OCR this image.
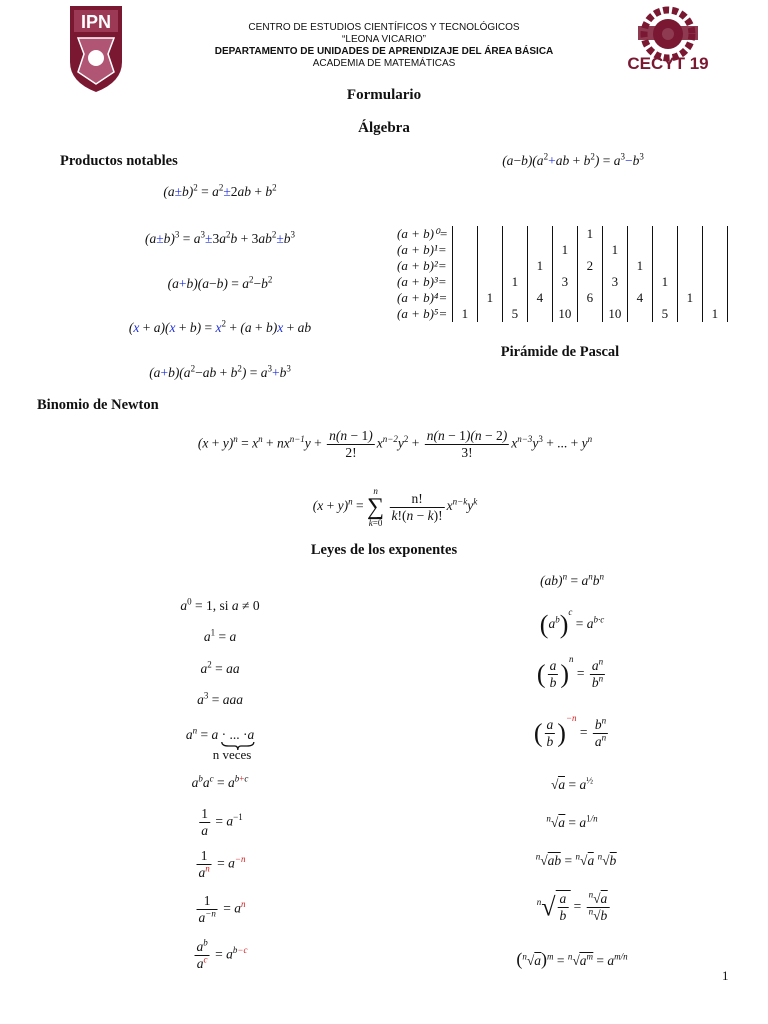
IPN
CECYT 19
CENTRO DE ESTUDIOS CIENTÍFICOS Y TECNOLÓGICOS
“LEONA VICARIO”
DEPARTAMENTO DE UNIDADES DE APRENDIZAJE DEL ÁREA BÁSICA
ACADEMIA DE MATEMÁTICAS
Formulario
Álgebra
Productos notables
$(a\pm b)^2 = a^2\pm 2ab + b^2$
$(a\pm b)^3 = a^3\pm 3a^2b + 3ab^2\pm b^3$
$(a+b)(a-b) = a^2-b^2$
$(x + a)(x + b) = x^2 + (a + b)x$ + ab
$(a+b)(a^2-ab + b^2) = a^3+b^3$
$(a-b)(a^2+ab + b^2) = a^3-b^3$
(a + b)⁰=						1					
(a + b)¹=					1		1				
(a + b)²=				1		2		1			
(a + b)³=			1		3		3		1		
(a + b)⁴=		1		4		6		4		1	
(a + b)⁵=	1		5		10		10		5		1
Pirámide de Pascal
Binomio de Newton
$(x + y)^n = x^n + nx^{n-1}y + \frac{n(n - 1)}{2!} x^{n-2}y^2 + \frac{n(n - 1)(n - 2)}{3!} x^{n-3}y^3$ + ... + $y^n$
$(x + y)^n$ =
n
∑
k=0
$\frac{n!}{k!(n - k)!} x^{n-k}y^k$
Leyes de los exponentes
$a^0 = 1$, si a ≠ 0
$a^1 = a$
$a^2$ = aa
$a^3$ = aaa
$a^n = a$ · ... ·a
n veces
$a^ba^c = a^{b+c}$
$\frac{1}{a} = a^{-1}$
$\frac{1}{a^n} = a^{-n}$
$\frac{1}{a^{-n}} = a^n$
$\frac{a^b}{a^c} = a^{b-c}$
$(ab)^n = a^nb^n$
$(a^b)^c = a^{b\cdot c}$
( $\frac{a}{b} )^n = \frac{a^n}{b^n}$
( $\frac{a}{b} )^{-n} = \frac{b^n}{a^n}$
$√a = a^{\frac{1}{2}}$
$^n√a = a^{1/n}$
$^n$√ab = $^n$√a $^n$√b
$^n√ \frac{a}{b} = \frac{^n√a}{^n√b}$
$(^n√a)^m = ^n√a^m = a^{m/n}$
1
